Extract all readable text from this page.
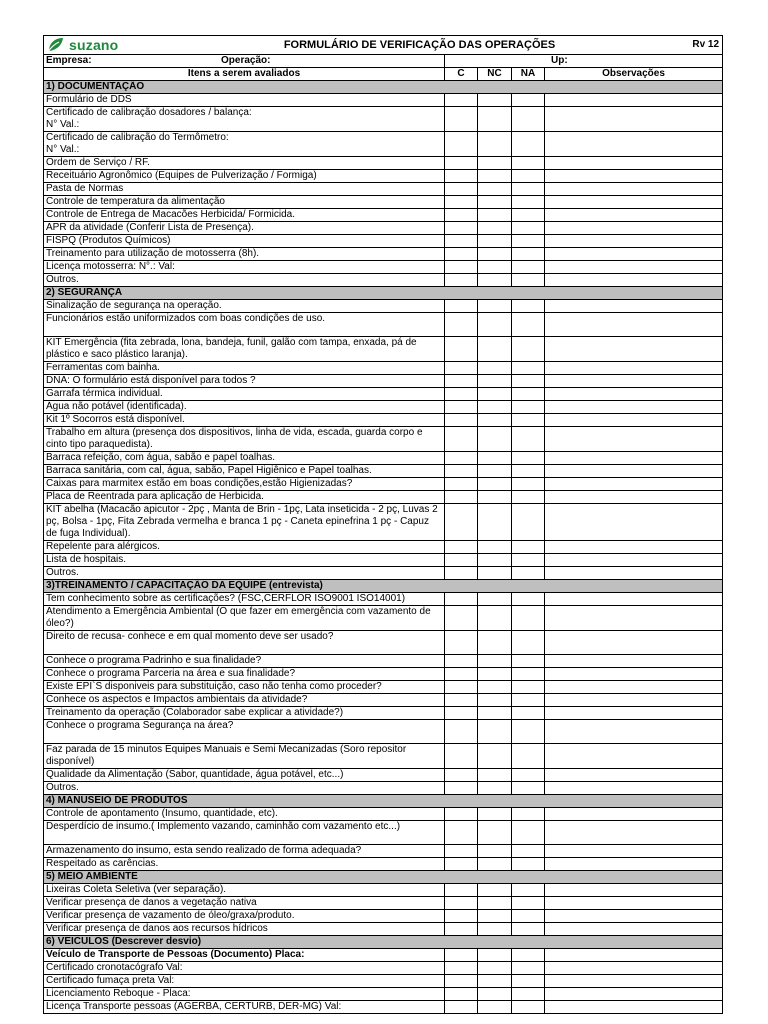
suzano FORMULÁRIO DE VERIFICAÇÃO DAS OPERAÇÕES Rv 12				

Empresa: Operação:	Up:			

Itens a serem avaliados	C	NC	NA	Observações
1) DOCUMENTAÇÃO				
Formulário de DDS				
Certificado de calibração dosadores / balança:
N° Val.:				
Certificado de calibração do Termômetro:
N° Val.:				
Ordem de Serviço / RF.				
Receituário Agronômico (Equipes de Pulverização / Formiga)				
Pasta de Normas				
Controle de temperatura da alimentação				
Controle de Entrega de Macacões Herbicida/ Formicida.				
APR da atividade (Conferir Lista de Presença).				
FISPQ (Produtos Químicos)				
Treinamento para utilização de motosserra (8h).				
Licença motosserra: N°.: Val:				
Outros.				
2) SEGURANÇA				
Sinalização de segurança na operação.				
Funcionários estão uniformizados com boas condições de uso.				
KIT Emergência (fita zebrada, lona, bandeja, funil, galão com tampa, enxada, pá de plástico e saco plástico laranja).				
Ferramentas com bainha.				
DNA: O formulário está disponível para todos ?				
Garrafa térmica individual.				
Água não potável (identificada).				
Kit 1º Socorros está disponível.				
Trabalho em altura (presença dos dispositivos, linha de vida, escada, guarda corpo e cinto tipo paraquedista).				
Barraca refeição, com água, sabão e papel toalhas.				
Barraca sanitária, com cal, água, sabão, Papel Higiênico e Papel toalhas.				
Caixas para marmitex estão em boas condições,estão Higienizadas?				
Placa de Reentrada para aplicação de Herbicida.				
KIT abelha (Macacão apicutor - 2pç , Manta de Brin - 1pç, Lata inseticida - 2 pç, Luvas 2 pç, Bolsa - 1pç, Fita Zebrada vermelha e branca 1 pç - Caneta epinefrina 1 pç - Capuz de fuga Individual).				
Repelente para alérgicos.				
Lista de hospitais.				
Outros.				
3)TREINAMENTO / CAPACITAÇÃO DA EQUIPE (entrevista)				
Tem conhecimento sobre as certificações? (FSC,CERFLOR ISO9001 ISO14001)				
Atendimento a Emergência Ambiental (O que fazer em emergência com vazamento de óleo?)				
Direito de recusa- conhece e em qual momento deve ser usado?				
Conhece o programa Padrinho e sua finalidade?				
Conhece o programa Parceria na área e sua finalidade?				
Existe EPI`S disponiveis para substituição, caso não tenha como proceder?				
Conhece os aspectos e Impactos ambientais da atividade?				
Treinamento da operação (Colaborador sabe explicar a atividade?)				
Conhece o programa Segurança na área?				
Faz parada de 15 minutos Equipes Manuais e Semi Mecanizadas (Soro repositor disponível)				
Qualidade da Alimentação (Sabor, quantidade, água potável, etc...)				
Outros.				
4) MANUSEIO DE PRODUTOS				
Controle de apontamento (Insumo, quantidade, etc).				
Desperdício de insumo.( Implemento vazando, caminhão com vazamento etc...)				
Armazenamento do insumo, esta sendo realizado de forma adequada?				
Respeitado as carências.				
5) MEIO AMBIENTE				
Lixeiras Coleta Seletiva (ver separação).				
Verificar presença de danos a vegetação nativa				
Verificar presença de vazamento de óleo/graxa/produto.				
Verificar presença de danos aos recursos hídricos				
6) VEICULOS (Descrever desvio)				
Veículo de Transporte de Pessoas (Documento) Placa:				
Certificado cronotacógrafo Val:				
Certificado fumaça preta Val:				
Licenciamento Reboque - Placa:				
Licença Transporte pessoas (AGERBA, CERTURB, DER-MG) Val:				
